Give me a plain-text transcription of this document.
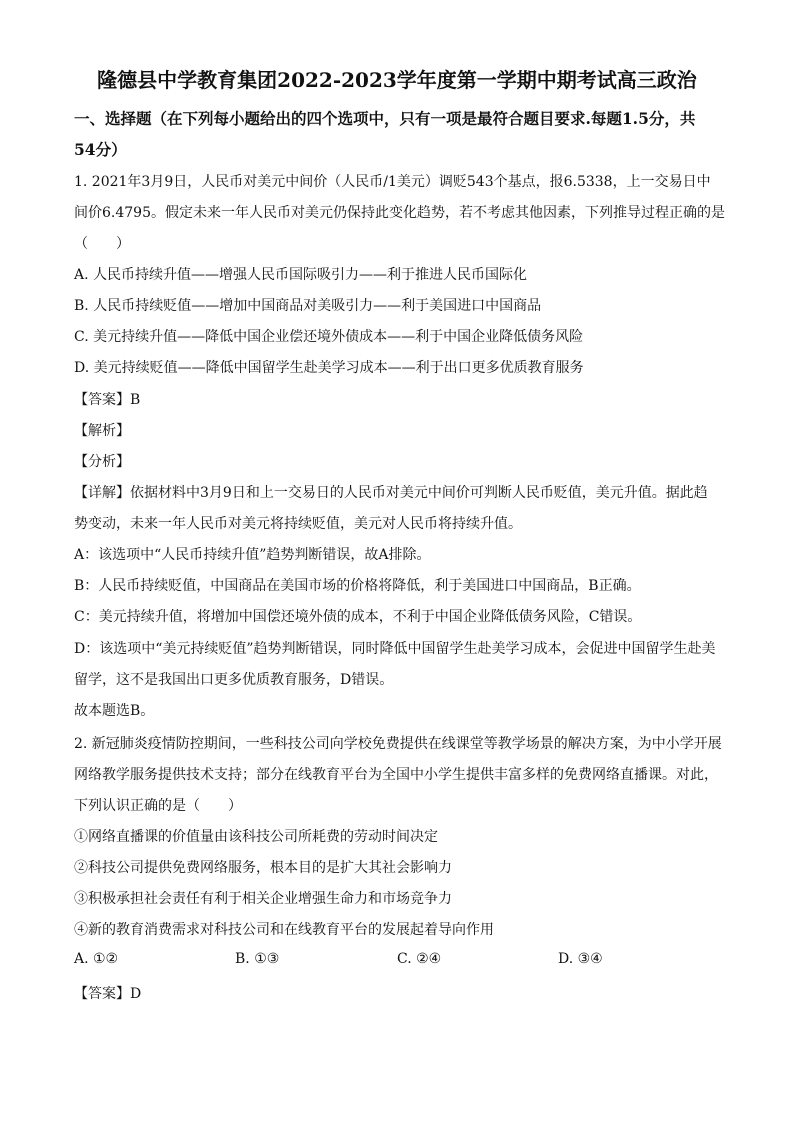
隆德县中学教育集团2022-2023学年度第一学期中期考试高三政治
一、选择题（在下列每小题给出的四个选项中，只有一项是最符合题目要求.每题1.5分，共
54分）
1. 2021年3月9日，人民币对美元中间价（人民币/1美元）调贬543个基点，报6.5338，上一交易日中
间价6.4795。假定未来一年人民币对美元仍保持此变化趋势，若不考虑其他因素，下列推导过程正确的是
（　　）
A. 人民币持续升值——增强人民币国际吸引力——利于推进人民币国际化
B. 人民币持续贬值——增加中国商品对美吸引力——利于美国进口中国商品
C. 美元持续升值——降低中国企业偿还境外债成本——利于中国企业降低债务风险
D. 美元持续贬值——降低中国留学生赴美学习成本——利于出口更多优质教育服务
【答案】B
【解析】
【分析】
【详解】依据材料中3月9日和上一交易日的人民币对美元中间价可判断人民币贬值，美元升值。据此趋
势变动，未来一年人民币对美元将持续贬值，美元对人民币将持续升值。
A：该选项中“人民币持续升值”趋势判断错误，故A排除。
B：人民币持续贬值，中国商品在美国市场的价格将降低，利于美国进口中国商品，B正确。
C：美元持续升值，将增加中国偿还境外债的成本，不利于中国企业降低债务风险，C错误。
D：该选项中“美元持续贬值”趋势判断错误，同时降低中国留学生赴美学习成本，会促进中国留学生赴美
留学，这不是我国出口更多优质教育服务，D错误。
故本题选B。
2. 新冠肺炎疫情防控期间，一些科技公司向学校免费提供在线课堂等教学场景的解决方案，为中小学开展
网络教学服务提供技术支持；部分在线教育平台为全国中小学生提供丰富多样的免费网络直播课。对此，
下列认识正确的是（　　）
①网络直播课的价值量由该科技公司所耗费的劳动时间决定
②科技公司提供免费网络服务，根本目的是扩大其社会影响力
③积极承担社会责任有利于相关企业增强生命力和市场竞争力
④新的教育消费需求对科技公司和在线教育平台的发展起着导向作用
A. ①②	B. ①③	C. ②④	D. ③④
【答案】D
